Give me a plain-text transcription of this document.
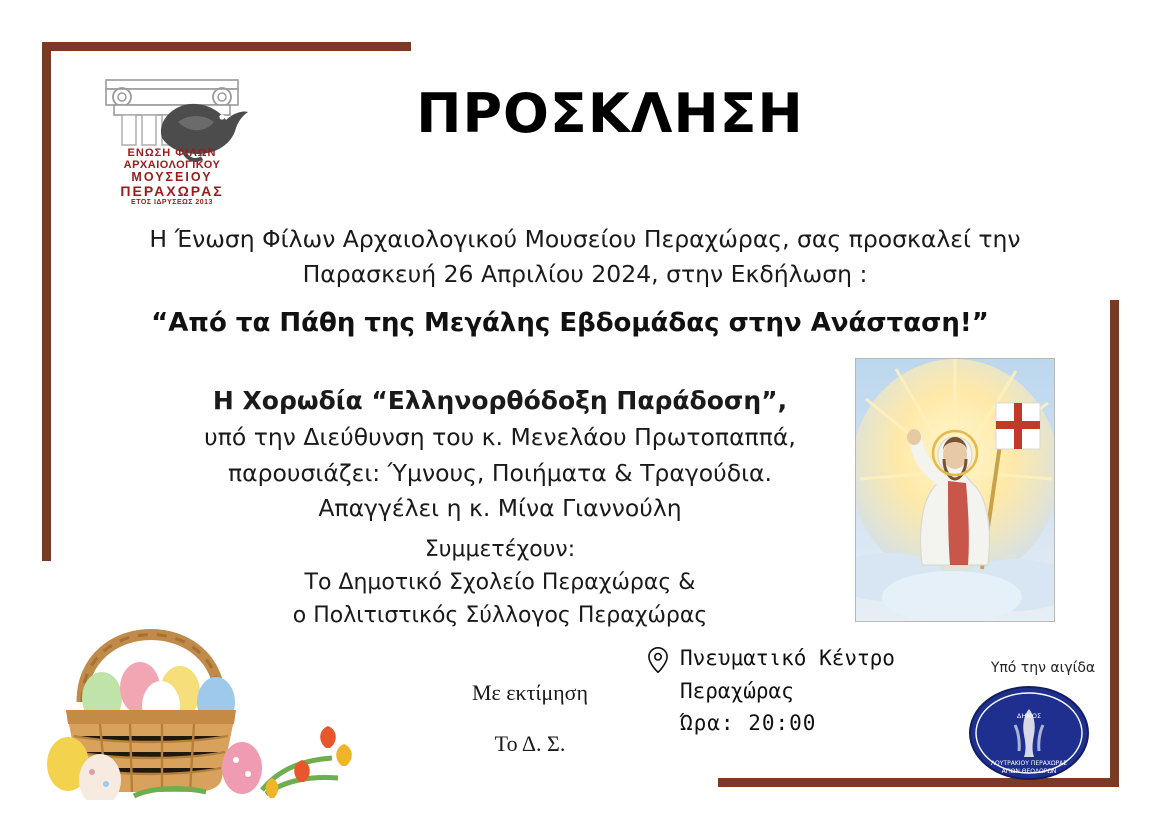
ΕΝΩΣΗ ΦΙΛΩΝ
ΑΡΧΑΙΟΛΟΓΙΚΟΥ
ΜΟΥΣΕΙΟΥ
ΠΕΡΑΧΩΡΑΣ
ΕΤΟΣ ΙΔΡΥΣΕΩΣ 2013
ΠΡΟΣΚΛΗΣΗ
Η Ένωση Φίλων Αρχαιολογικού Μουσείου Περαχώρας, σας προσκαλεί την
Παρασκευή 26 Απριλίου 2024, στην Εκδήλωση :
“Από τα Πάθη της Μεγάλης Εβδομάδας στην Ανάσταση!”
Η Χορωδία “Ελληνορθόδοξη Παράδοση”,
υπό την Διεύθυνση του κ. Μενελάου Πρωτοπαππά,
παρουσιάζει: Ύμνους, Ποιήματα & Τραγούδια.
Απαγγέλει η κ. Μίνα Γιαννούλη
Συμμετέχουν:
Το Δημοτικό Σχολείο Περαχώρας &
ο Πολιτιστικός Σύλλογος Περαχώρας
Με εκτίμηση
Το Δ. Σ.
Πνευματικό Κέντρο
Περαχώρας
Ώρα: 20:00
Υπό την αιγίδα
ΔΗΜΟΣ
ΛΟΥΤΡΑΚΙΟΥ ΠΕΡΑΧΩΡΑΣ
ΑΓΙΩΝ ΘΕΟΔΩΡΩΝ
